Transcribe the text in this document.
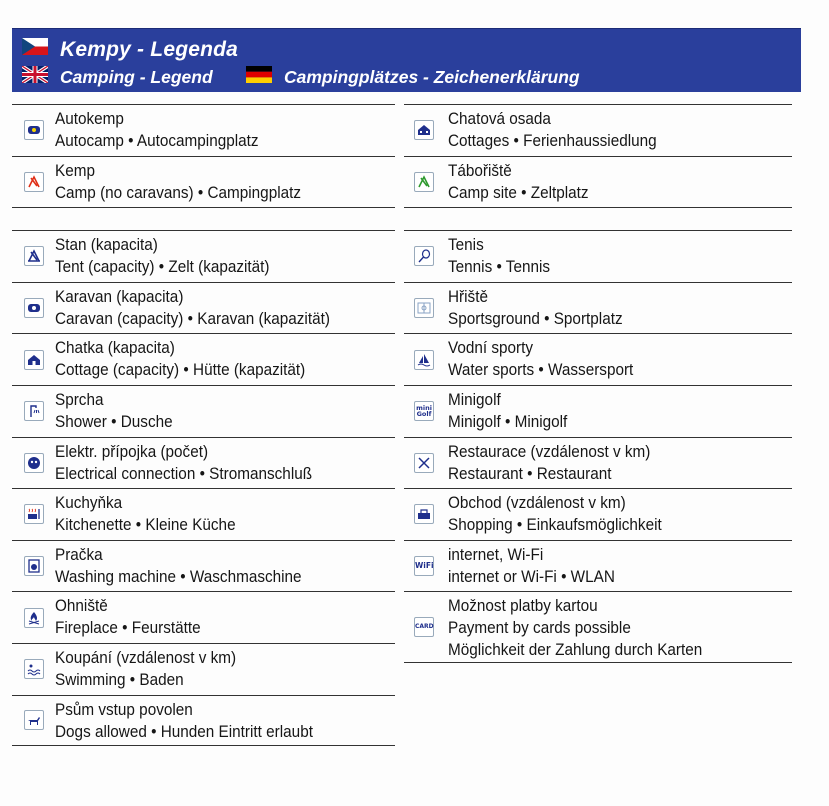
Kempy - Legenda
Camping - Legend	Campingplätzes - Zeichenerklärung
Autokemp
Autocamp • Autocampingplatz
Kemp
Camp (no caravans) • Campingplatz
Stan (kapacita)
Tent (capacity) • Zelt (kapazität)
Karavan (kapacita)
Caravan (capacity) • Karavan (kapazität)
Chatka (kapacita)
Cottage (capacity) • Hütte (kapazität)
Sprcha
Shower • Dusche
Elektr. přípojka (počet)
Electrical connection • Stromanschluß
Kuchyňka
Kitchenette • Kleine Küche
Pračka
Washing machine • Waschmaschine
Ohniště
Fireplace • Feurstätte
Koupání (vzdálenost v km)
Swimming • Baden
Psům vstup povolen
Dogs allowed • Hunden Eintritt erlaubt
Chatová osada
Cottages • Ferienhaussiedlung
Tábořiště
Camp site • Zeltplatz
Tenis
Tennis • Tennis
Hřiště
Sportsground • Sportplatz
Vodní sporty
Water sports • Wassersport
mini Golf
Minigolf
Minigolf • Minigolf
Restaurace (vzdálenost v km)
Restaurant • Restaurant
Obchod (vzdálenost v km)
Shopping • Einkaufsmöglichkeit
WiFi
internet, Wi-Fi
internet or Wi-Fi • WLAN
CARD
Možnost platby kartou
Payment by cards possible
Möglichkeit der Zahlung durch Karten
